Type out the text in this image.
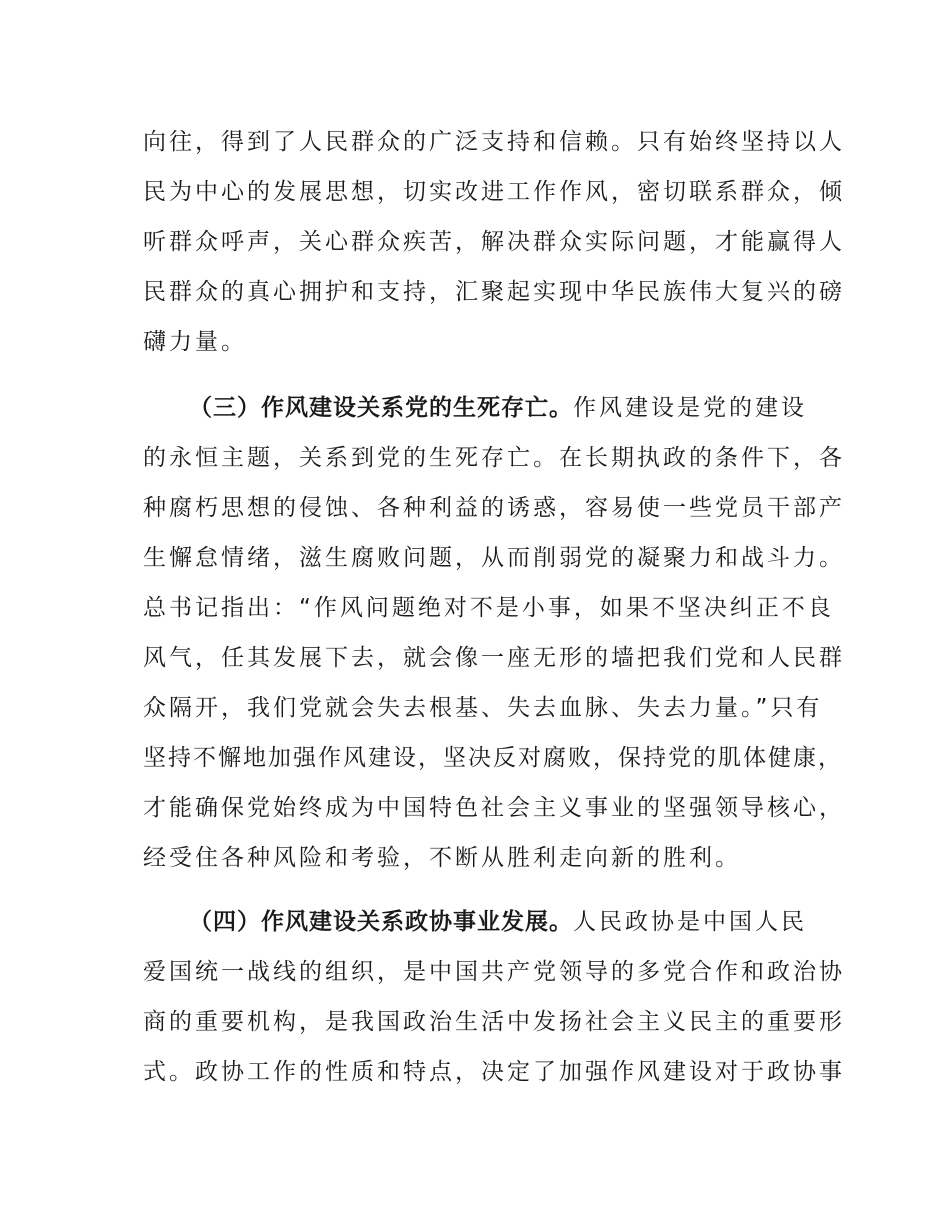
向往，得到了人民群众的广泛支持和信赖。只有始终坚持以人
民为中心的发展思想，切实改进工作作风，密切联系群众，倾
听群众呼声，关心群众疾苦，解决群众实际问题，才能赢得人
民群众的真心拥护和支持，汇聚起实现中华民族伟大复兴的磅
礴力量。
（三）作风建设关系党的生死存亡。作风建设是党的建设
的永恒主题，关系到党的生死存亡。在长期执政的条件下，各
种腐朽思想的侵蚀、各种利益的诱惑，容易使一些党员干部产
生懈怠情绪，滋生腐败问题，从而削弱党的凝聚力和战斗力。
总书记指出：“作风问题绝对不是小事，如果不坚决纠正不良
风气，任其发展下去，就会像一座无形的墙把我们党和人民群
众隔开，我们党就会失去根基、失去血脉、失去力量。”只有
坚持不懈地加强作风建设，坚决反对腐败，保持党的肌体健康，
才能确保党始终成为中国特色社会主义事业的坚强领导核心，
经受住各种风险和考验，不断从胜利走向新的胜利。
（四）作风建设关系政协事业发展。人民政协是中国人民
爱国统一战线的组织，是中国共产党领导的多党合作和政治协
商的重要机构，是我国政治生活中发扬社会主义民主的重要形
式。政协工作的性质和特点，决定了加强作风建设对于政协事
